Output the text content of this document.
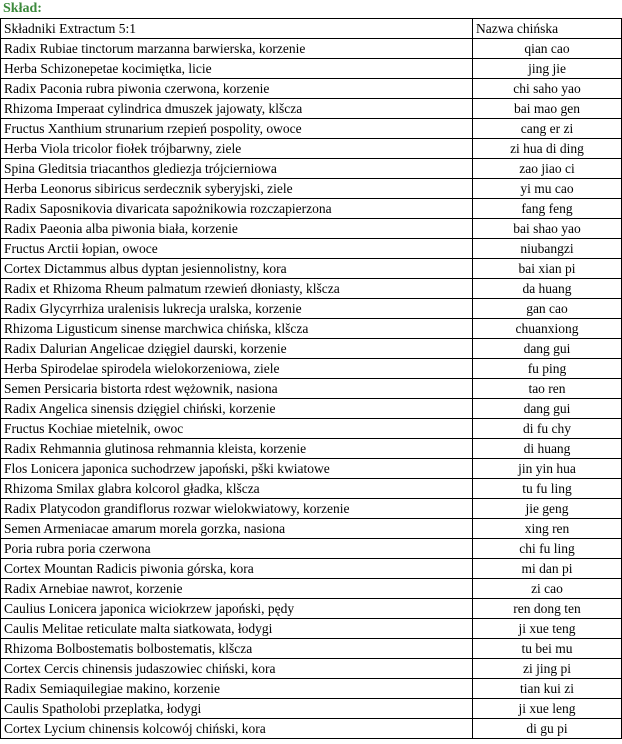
Skład:
Składniki Extractum 5:1	Nazwa chińska
Radix Rubiae tinctorum marzanna barwierska, korzenie	qian cao
Herba Schizonepetae kocimiętka, licie	jing jie
Radix Paconia rubra piwonia czerwona, korzenie	chi saho yao
Rhizoma Imperaat cylindrica dmuszek jajowaty, klšcza	bai mao gen
Fructus Xanthium strunarium rzepień pospolity, owoce	cang er zi
Herba Viola tricolor fiołek trójbarwny, ziele	zi hua di ding
Spina Gleditsia triacanthos glediezja trójcierniowa	zao jiao ci
Herba Leonorus sibiricus serdecznik syberyjski, ziele	yi mu cao
Radix Saposnikovia divaricata sapożnikowia rozczapierzona	fang feng
Radix Paeonia alba piwonia biała, korzenie	bai shao yao
Fructus Arctii łopian, owoce	niubangzi
Cortex Dictammus albus dyptan jesiennolistny, kora	bai xian pi
Radix et Rhizoma Rheum palmatum rzewień dłoniasty, klšcza	da huang
Radix Glycyrrhiza uralenisis lukrecja uralska, korzenie	gan cao
Rhizoma Ligusticum sinense marchwica chińska, klšcza	chuanxiong
Radix Dalurian Angelicae dzięgiel daurski, korzenie	dang gui
Herba Spirodelae spirodela wielokorzeniowa, ziele	fu ping
Semen Persicaria bistorta rdest wężownik, nasiona	tao ren
Radix Angelica sinensis dzięgiel chiński, korzenie	dang gui
Fructus Kochiae mietelnik, owoc	di fu chy
Radix Rehmannia glutinosa rehmannia kleista, korzenie	di huang
Flos Lonicera japonica suchodrzew japoński, pški kwiatowe	jin yin hua
Rhizoma Smilax glabra kolcorol gładka, klšcza	tu fu ling
Radix Platycodon grandiflorus rozwar wielokwiatowy, korzenie	jie geng
Semen Armeniacae amarum morela gorzka, nasiona	xing ren
Poria rubra poria czerwona	chi fu ling
Cortex Mountan Radicis piwonia górska, kora	mi dan pi
Radix Arnebiae nawrot, korzenie	zi cao
Caulius Lonicera japonica wiciokrzew japoński, pędy	ren dong ten
Caulis Melitae reticulate malta siatkowata, łodygi	ji xue teng
Rhizoma Bolbostematis bolbostematis, klšcza	tu bei mu
Cortex Cercis chinensis judaszowiec chiński, kora	zi jing pi
Radix Semiaquilegiae makino, korzenie	tian kui zi
Caulis Spatholobi przeplatka, łodygi	ji xue leng
Cortex Lycium chinensis kolcowój chiński, kora	di gu pi
